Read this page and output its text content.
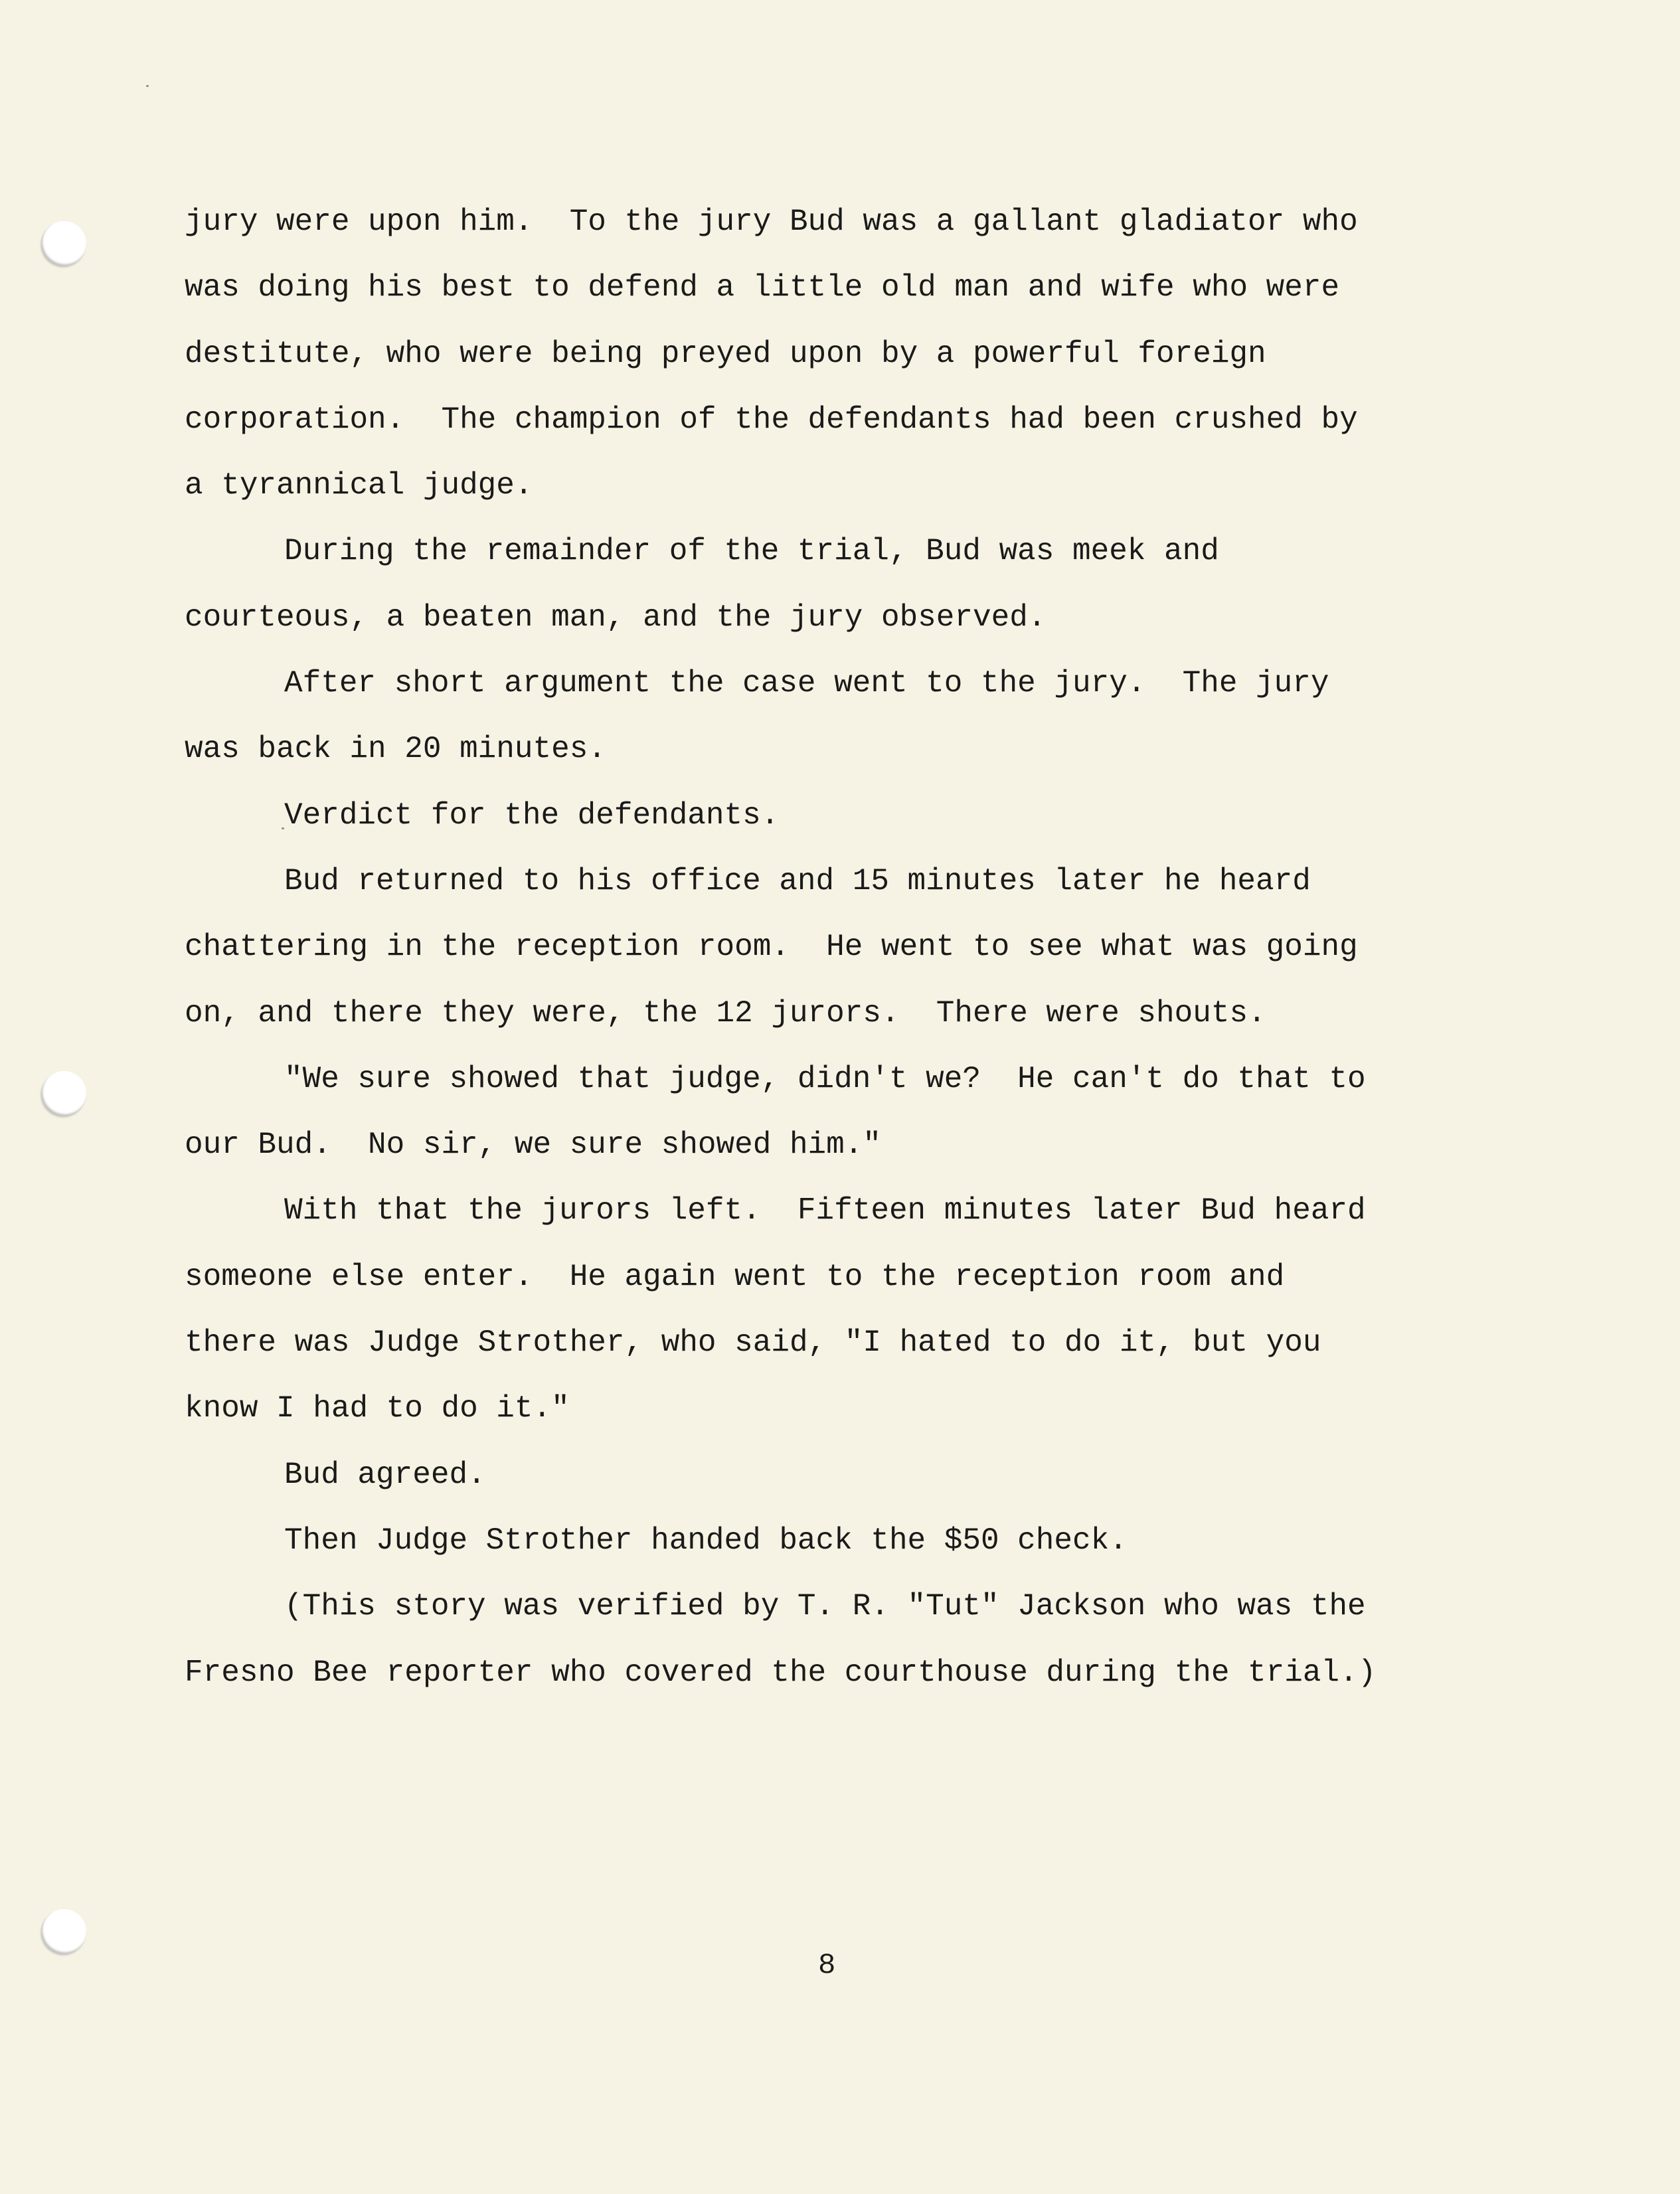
jury were upon him.  To the jury Bud was a gallant gladiator who
was doing his best to defend a little old man and wife who were
destitute, who were being preyed upon by a powerful foreign
corporation.  The champion of the defendants had been crushed by
a tyrannical judge.
During the remainder of the trial, Bud was meek and
courteous, a beaten man, and the jury observed.
After short argument the case went to the jury.  The jury
was back in 20 minutes.
Verdict for the defendants.
Bud returned to his office and 15 minutes later he heard
chattering in the reception room.  He went to see what was going
on, and there they were, the 12 jurors.  There were shouts.
"We sure showed that judge, didn't we?  He can't do that to
our Bud.  No sir, we sure showed him."
With that the jurors left.  Fifteen minutes later Bud heard
someone else enter.  He again went to the reception room and
there was Judge Strother, who said, "I hated to do it, but you
know I had to do it."
Bud agreed.
Then Judge Strother handed back the $50 check.
(This story was verified by T. R. "Tut" Jackson who was the
Fresno Bee reporter who covered the courthouse during the trial.)
8
